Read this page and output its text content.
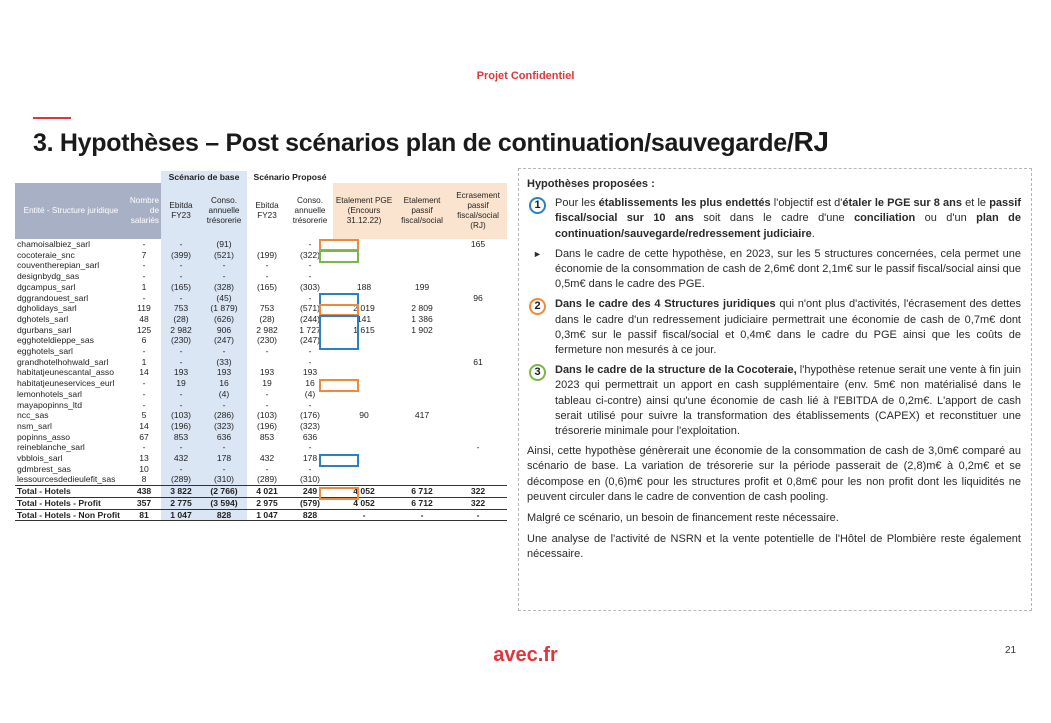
Projet Confidentiel
3. Hypothèses – Post scénarios plan de continuation/sauvegarde/RJ
		Scénario de base		Scénario Proposé				
Entité - Structure juridique	Nombre de salariés	Ebitda FY23	Conso. annuelle trésorerie	Ebitda FY23	Conso. annuelle trésorerie	Etalement PGE (Encours 31.12.22)	Etalement passif fiscal/social	Ecrasement passif fiscal/social (RJ)
chamoisalbiez_sarl	-	-	(91)		-			165
cocoteraie_snc	7	(399)	(521)	(199)	(322)			
couventherepian_sarl	-	-	-	-	-			
designbydg_sas	-	-	-	-	-			
dgcampus_sarl	1	(165)	(328)	(165)	(303)	188	199	
dggrandouest_sarl	-	-	(45)		-			96
dgholidays_sarl	119	753	(1 879)	753	(571)	2 019	2 809	
dghotels_sarl	48	(28)	(626)	(28)	(244)	141	1 386	
dgurbans_sarl	125	2 982	906	2 982	1 727	1 615	1 902	
egghoteldieppe_sas	6	(230)	(247)	(230)	(247)			
egghotels_sarl	-	-	-	-	-			
grandhotelhohwald_sarl	1	-	(33)		-			61
habitatjeunescantal_asso	14	193	193	193	193			
habitatjeuneservices_eurl	-	19	16	19	16			
lemonhotels_sarl	-	-	(4)	-	(4)			
mayapopinns_ltd	-	-	-	-	-			
ncc_sas	5	(103)	(286)	(103)	(176)	90	417	
nsm_sarl	14	(196)	(323)	(196)	(323)			
popinns_asso	67	853	636	853	636			
reineblanche_sarl	-	-	-		-			-
vbblois_sarl	13	432	178	432	178			
gdmbrest_sas	10	-	-	-	-			
lessourcesdedieulefit_sas	8	(289)	(310)	(289)	(310)			
Total - Hotels	438	3 822	(2 766)	4 021	249	4 052	6 712	322
Total - Hotels - Profit	357	2 775	(3 594)	2 975	(579)	4 052	6 712	322
Total - Hotels - Non Profit	81	1 047	828	1 047	828	-	-	-
Hypothèses proposées :
1	Pour les établissements les plus endettés l'objectif est d'étaler le PGE sur 8 ans et le passif fiscal/social sur 10 ans soit dans le cadre d'une conciliation ou d'un plan de continuation/sauvegarde/redressement judiciaire.
► Dans le cadre de cette hypothèse, en 2023, sur les 5 structures concernées, cela permet une économie de la consommation de cash de 2,6m€ dont 2,1m€ sur le passif fiscal/social ainsi que 0,5m€ dans le cadre des PGE.
2	Dans le cadre des 4 Structures juridiques qui n'ont plus d'activités, l'écrasement des dettes dans le cadre d'un redressement judiciaire permettrait une économie de cash de 0,7m€ dont 0,3m€ sur le passif fiscal/social et 0,4m€ dans le cadre du PGE ainsi que les coûts de fermeture non mesurés à ce jour.
3	Dans le cadre de la structure de la Cocoteraie, l'hypothèse retenue serait une vente à fin juin 2023 qui permettrait un apport en cash supplémentaire (env. 5m€ non matérialisé dans le tableau ci-contre) ainsi qu'une économie de cash lié à l'EBITDA de 0,2m€. L'apport de cash serait utilisé pour suivre la transformation des établissements (CAPEX) et reconstituer une trésorerie minimale pour l'exploitation.
Ainsi, cette hypothèse génèrerait une économie de la consommation de cash de 3,0m€ comparé au scénario de base. La variation de trésorerie sur la période passerait de (2,8)m€ à 0,2m€ et se décompose en (0,6)m€ pour les structures profit et 0,8m€ pour les non profit dont les liquidités ne peuvent circuler dans le cadre de convention de cash pooling.
Malgré ce scénario, un besoin de financement reste nécessaire.
Une analyse de l'activité de NSRN et la vente potentielle de l'Hôtel de Plombière reste également nécessaire.
avec.fr	21
